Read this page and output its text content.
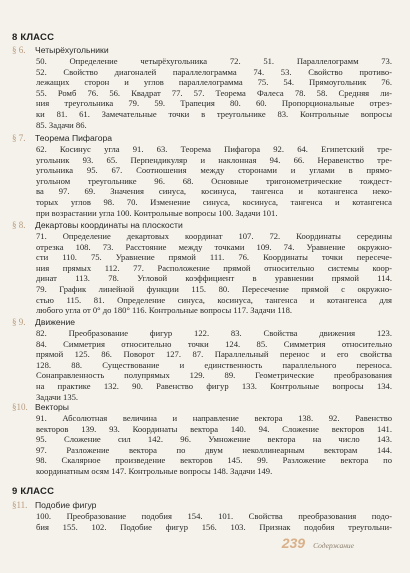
8 КЛАСС
§ 6. Четырёхугольники
50. Определение четырёхугольника 72. 51. Параллелограмм 73.
52. Свойство диагоналей параллелограмма 74. 53. Свойство противо-
лежащих сторон и углов параллелограмма 75. 54. Прямоугольник 76.
55. Ромб 76. 56. Квадрат 77. 57. Теорема Фалеса 78. 58. Средняя ли-
ния треугольника 79. 59. Трапеция 80. 60. Пропорциональные отрез-
ки 81. 61. Замечательные точки в треугольнике 83. Контрольные вопросы
85. Задачи 86.
§ 7. Теорема Пифагора
62. Косинус угла 91. 63. Теорема Пифагора 92. 64. Египетский тре-
угольник 93. 65. Перпендикуляр и наклонная 94. 66. Неравенство тре-
угольника 95. 67. Соотношения между сторонами и углами в прямо-
угольном треугольнике 96. 68. Основные тригонометрические тождест-
ва 97. 69. Значения синуса, косинуса, тангенса и котангенса неко-
торых углов 98. 70. Изменение синуса, косинуса, тангенса и котангенса
при возрастании угла 100. Контрольные вопросы 100. Задачи 101.
§ 8. Декартовы координаты на плоскости
71. Определение декартовых координат 107. 72. Координаты середины
отрезка 108. 73. Расстояние между точками 109. 74. Уравнение окружно-
сти 110. 75. Уравнение прямой 111. 76. Координаты точки пересече-
ния прямых 112. 77. Расположение прямой относительно системы коор-
динат 113. 78. Угловой коэффициент в уравнении прямой 114.
79. График линейной функции 115. 80. Пересечение прямой с окружно-
стью 115. 81. Определение синуса, косинуса, тангенса и котангенса для
любого угла от 0° до 180° 116. Контрольные вопросы 117. Задачи 118.
§ 9. Движение
82. Преобразование фигур 122. 83. Свойства движения 123.
84. Симметрия относительно точки 124. 85. Симметрия относительно
прямой 125. 86. Поворот 127. 87. Параллельный перенос и его свойства
128. 88. Существование и единственность параллельного переноса.
Сонаправленность полупрямых 129. 89. Геометрические преобразования
на практике 132. 90. Равенство фигур 133. Контрольные вопросы 134.
Задачи 135.
§10. Векторы
91. Абсолютная величина и направление вектора 138. 92. Равенство
векторов 139. 93. Координаты вектора 140. 94. Сложение векторов 141.
95. Сложение сил 142. 96. Умножение вектора на число 143.
97. Разложение вектора по двум неколлинеарным векторам 144.
98. Скалярное произведение векторов 145. 99. Разложение вектора по
координатным осям 147. Контрольные вопросы 148. Задачи 149.
9 КЛАСС
§11. Подобие фигур
100. Преобразование подобия 154. 101. Свойства преобразования подо-
бия 155. 102. Подобие фигур 156. 103. Признак подобия треугольни-
239 Содержание
